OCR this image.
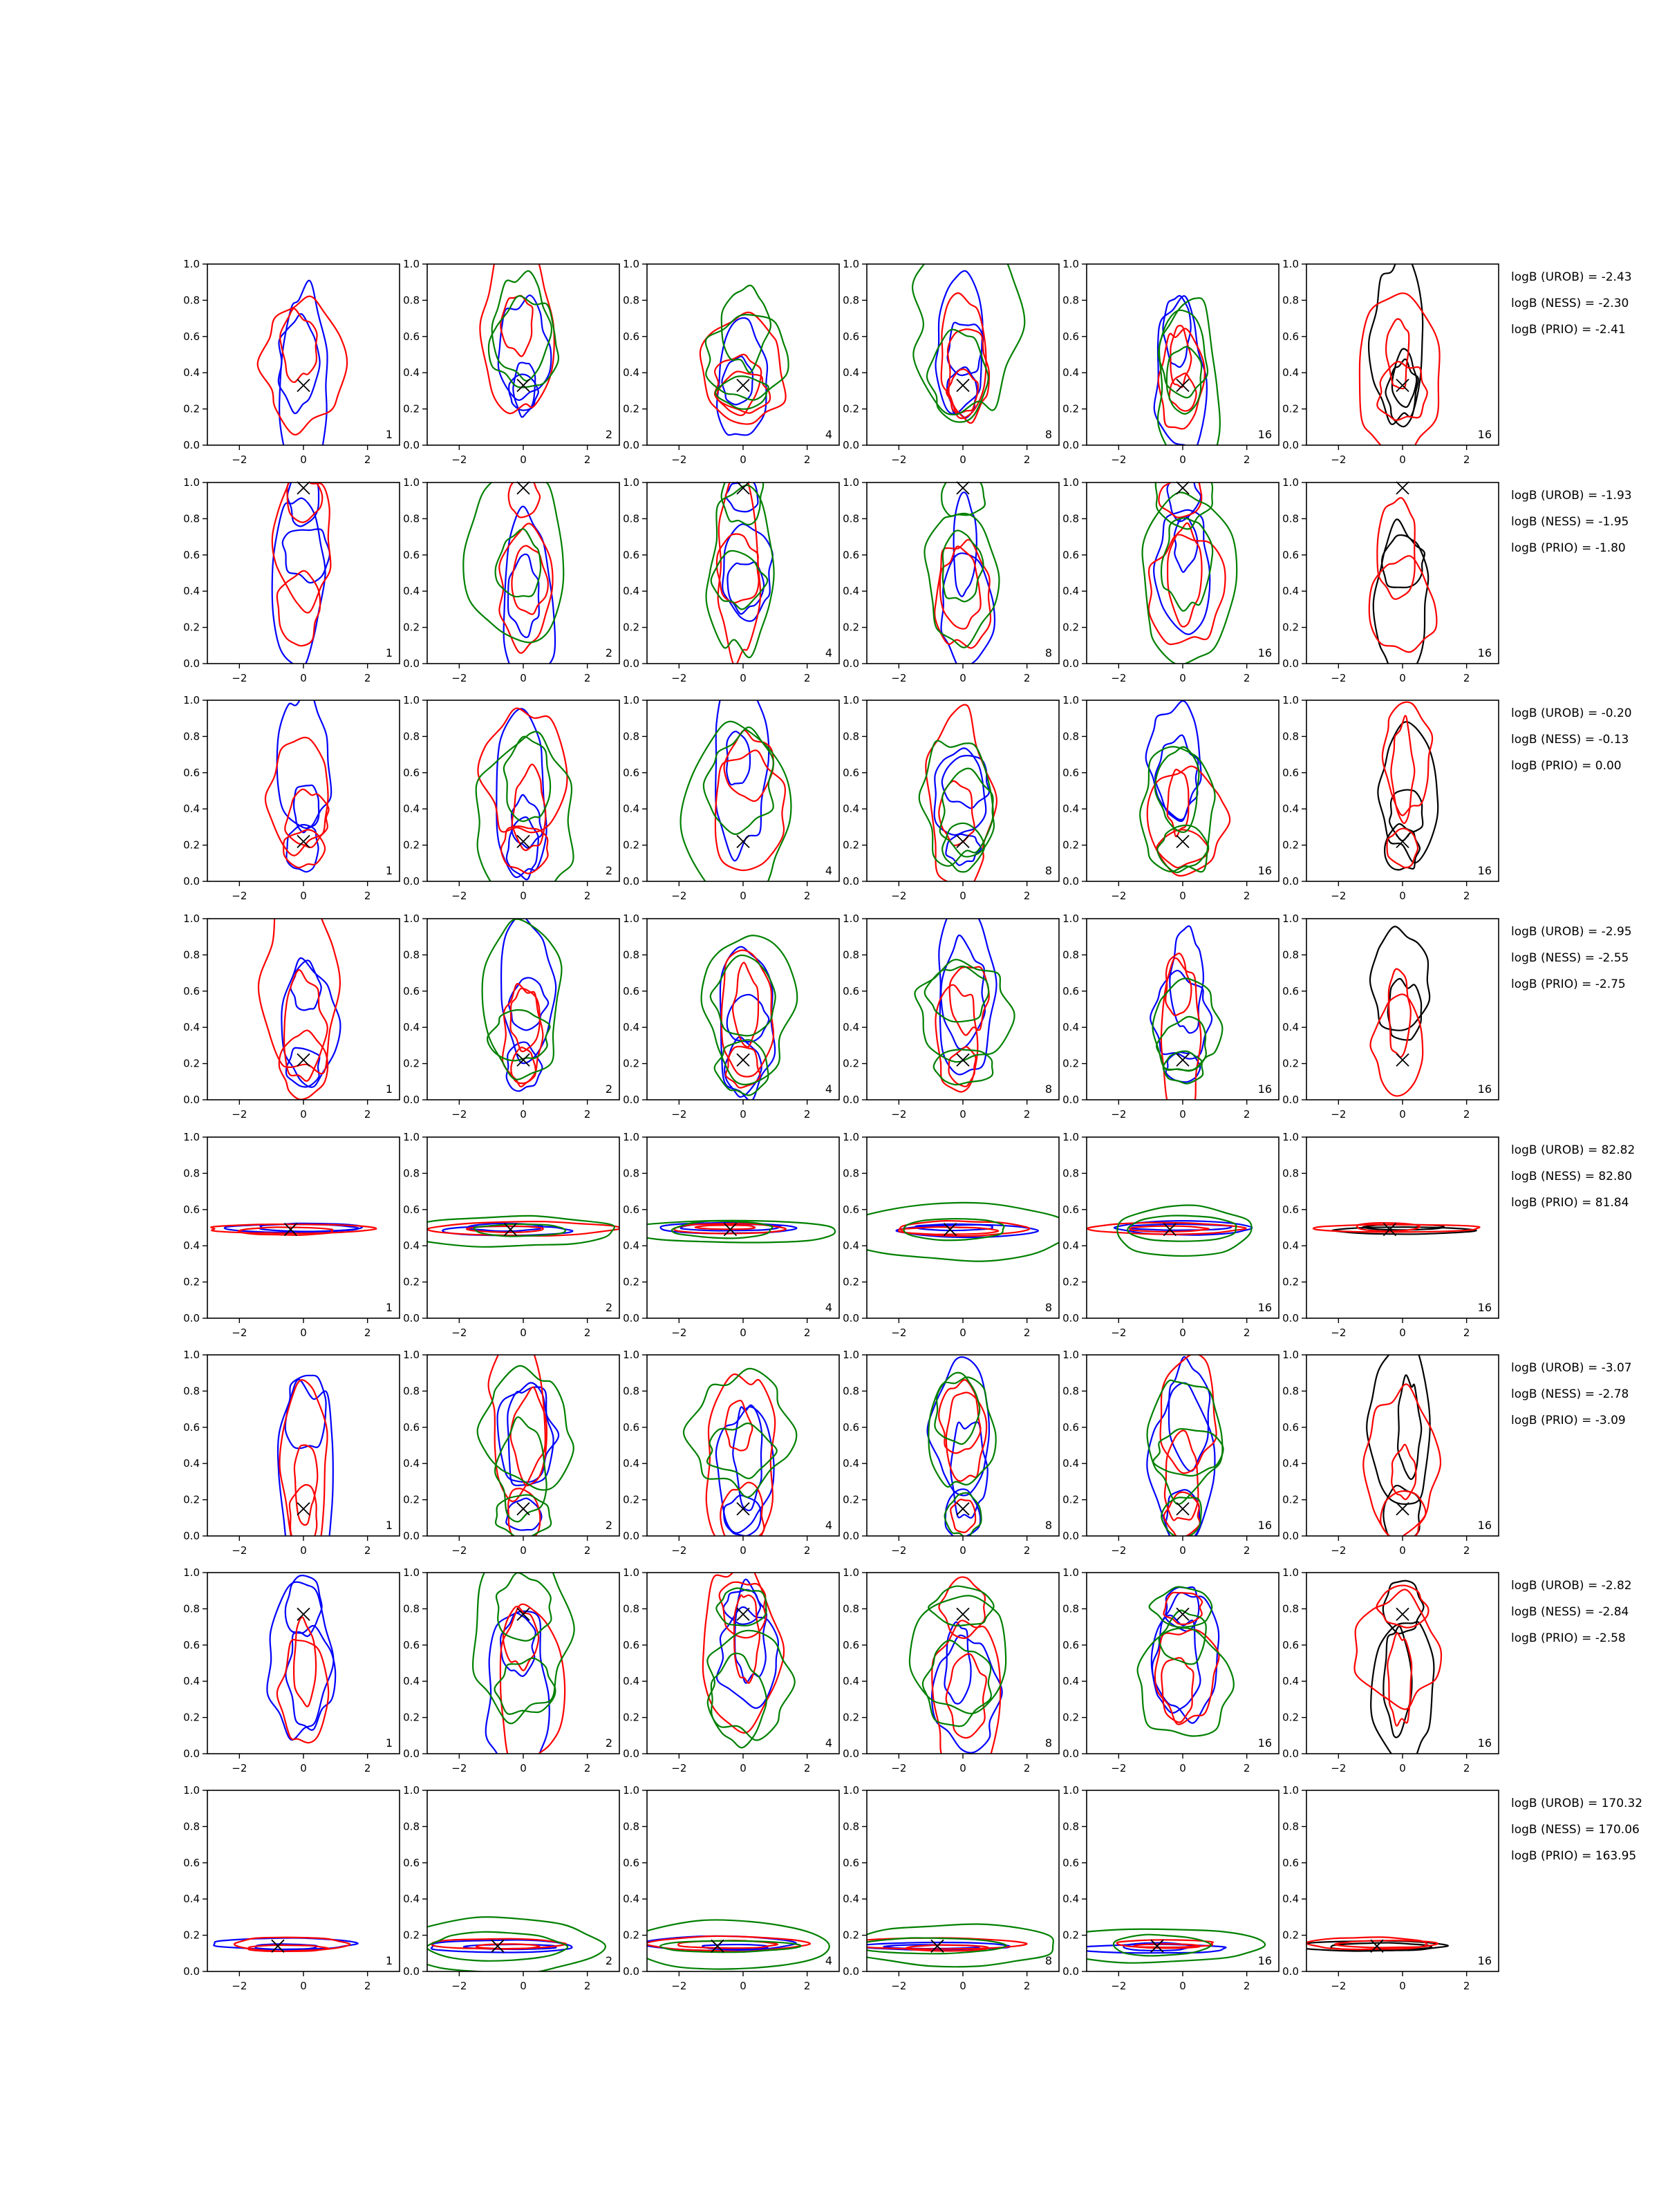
−2	0	2
0.0
0.2
0.4
0.6
0.8
1.0
1
−2	0	2
0.0
0.2
0.4
0.6
0.8
1.0
2
−2	0	2
0.0
0.2
0.4
0.6
0.8
1.0
4
−2	0	2
0.0
0.2
0.4
0.6
0.8
1.0
8
−2	0	2
0.0
0.2
0.4
0.6
0.8
1.0
16
−2	0	2
0.0
0.2
0.4
0.6
0.8
1.0
16
logB (UROB) = -2.43
logB (NESS) = -2.30
logB (PRIO) = -2.41
−2	0	2
0.0
0.2
0.4
0.6
0.8
1.0
1
−2	0	2
0.0
0.2
0.4
0.6
0.8
1.0
2
−2	0	2
0.0
0.2
0.4
0.6
0.8
1.0
4
−2	0	2
0.0
0.2
0.4
0.6
0.8
1.0
8
−2	0	2
0.0
0.2
0.4
0.6
0.8
1.0
16
−2	0	2
0.0
0.2
0.4
0.6
0.8
1.0
16
logB (UROB) = -1.93
logB (NESS) = -1.95
logB (PRIO) = -1.80
−2	0	2
0.0
0.2
0.4
0.6
0.8
1.0
1
−2	0	2
0.0
0.2
0.4
0.6
0.8
1.0
2
−2	0	2
0.0
0.2
0.4
0.6
0.8
1.0
4
−2	0	2
0.0
0.2
0.4
0.6
0.8
1.0
8
−2	0	2
0.0
0.2
0.4
0.6
0.8
1.0
16
−2	0	2
0.0
0.2
0.4
0.6
0.8
1.0
16
logB (UROB) = -0.20
logB (NESS) = -0.13
logB (PRIO) = 0.00
−2	0	2
0.0
0.2
0.4
0.6
0.8
1.0
1
−2	0	2
0.0
0.2
0.4
0.6
0.8
1.0
2
−2	0	2
0.0
0.2
0.4
0.6
0.8
1.0
4
−2	0	2
0.0
0.2
0.4
0.6
0.8
1.0
8
−2	0	2
0.0
0.2
0.4
0.6
0.8
1.0
16
−2	0	2
0.0
0.2
0.4
0.6
0.8
1.0
16
logB (UROB) = -2.95
logB (NESS) = -2.55
logB (PRIO) = -2.75
−2	0	2
0.0
0.2
0.4
0.6
0.8
1.0
1
−2	0	2
0.0
0.2
0.4
0.6
0.8
1.0
2
−2	0	2
0.0
0.2
0.4
0.6
0.8
1.0
4
−2	0	2
0.0
0.2
0.4
0.6
0.8
1.0
8
−2	0	2
0.0
0.2
0.4
0.6
0.8
1.0
16
−2	0	2
0.0
0.2
0.4
0.6
0.8
1.0
16
logB (UROB) = 82.82
logB (NESS) = 82.80
logB (PRIO) = 81.84
−2	0	2
0.0
0.2
0.4
0.6
0.8
1.0
1
−2	0	2
0.0
0.2
0.4
0.6
0.8
1.0
2
−2	0	2
0.0
0.2
0.4
0.6
0.8
1.0
4
−2	0	2
0.0
0.2
0.4
0.6
0.8
1.0
8
−2	0	2
0.0
0.2
0.4
0.6
0.8
1.0
16
−2	0	2
0.0
0.2
0.4
0.6
0.8
1.0
16
logB (UROB) = -3.07
logB (NESS) = -2.78
logB (PRIO) = -3.09
−2	0	2
0.0
0.2
0.4
0.6
0.8
1.0
1
−2	0	2
0.0
0.2
0.4
0.6
0.8
1.0
2
−2	0	2
0.0
0.2
0.4
0.6
0.8
1.0
4
−2	0	2
0.0
0.2
0.4
0.6
0.8
1.0
8
−2	0	2
0.0
0.2
0.4
0.6
0.8
1.0
16
−2	0	2
0.0
0.2
0.4
0.6
0.8
1.0
16
logB (UROB) = -2.82
logB (NESS) = -2.84
logB (PRIO) = -2.58
−2	0	2
0.0
0.2
0.4
0.6
0.8
1.0
1
−2	0	2
0.0
0.2
0.4
0.6
0.8
1.0
2
−2	0	2
0.0
0.2
0.4
0.6
0.8
1.0
4
−2	0	2
0.0
0.2
0.4
0.6
0.8
1.0
8
−2	0	2
0.0
0.2
0.4
0.6
0.8
1.0
16
−2	0	2
0.0
0.2
0.4
0.6
0.8
1.0
16
logB (UROB) = 170.32
logB (NESS) = 170.06
logB (PRIO) = 163.95
